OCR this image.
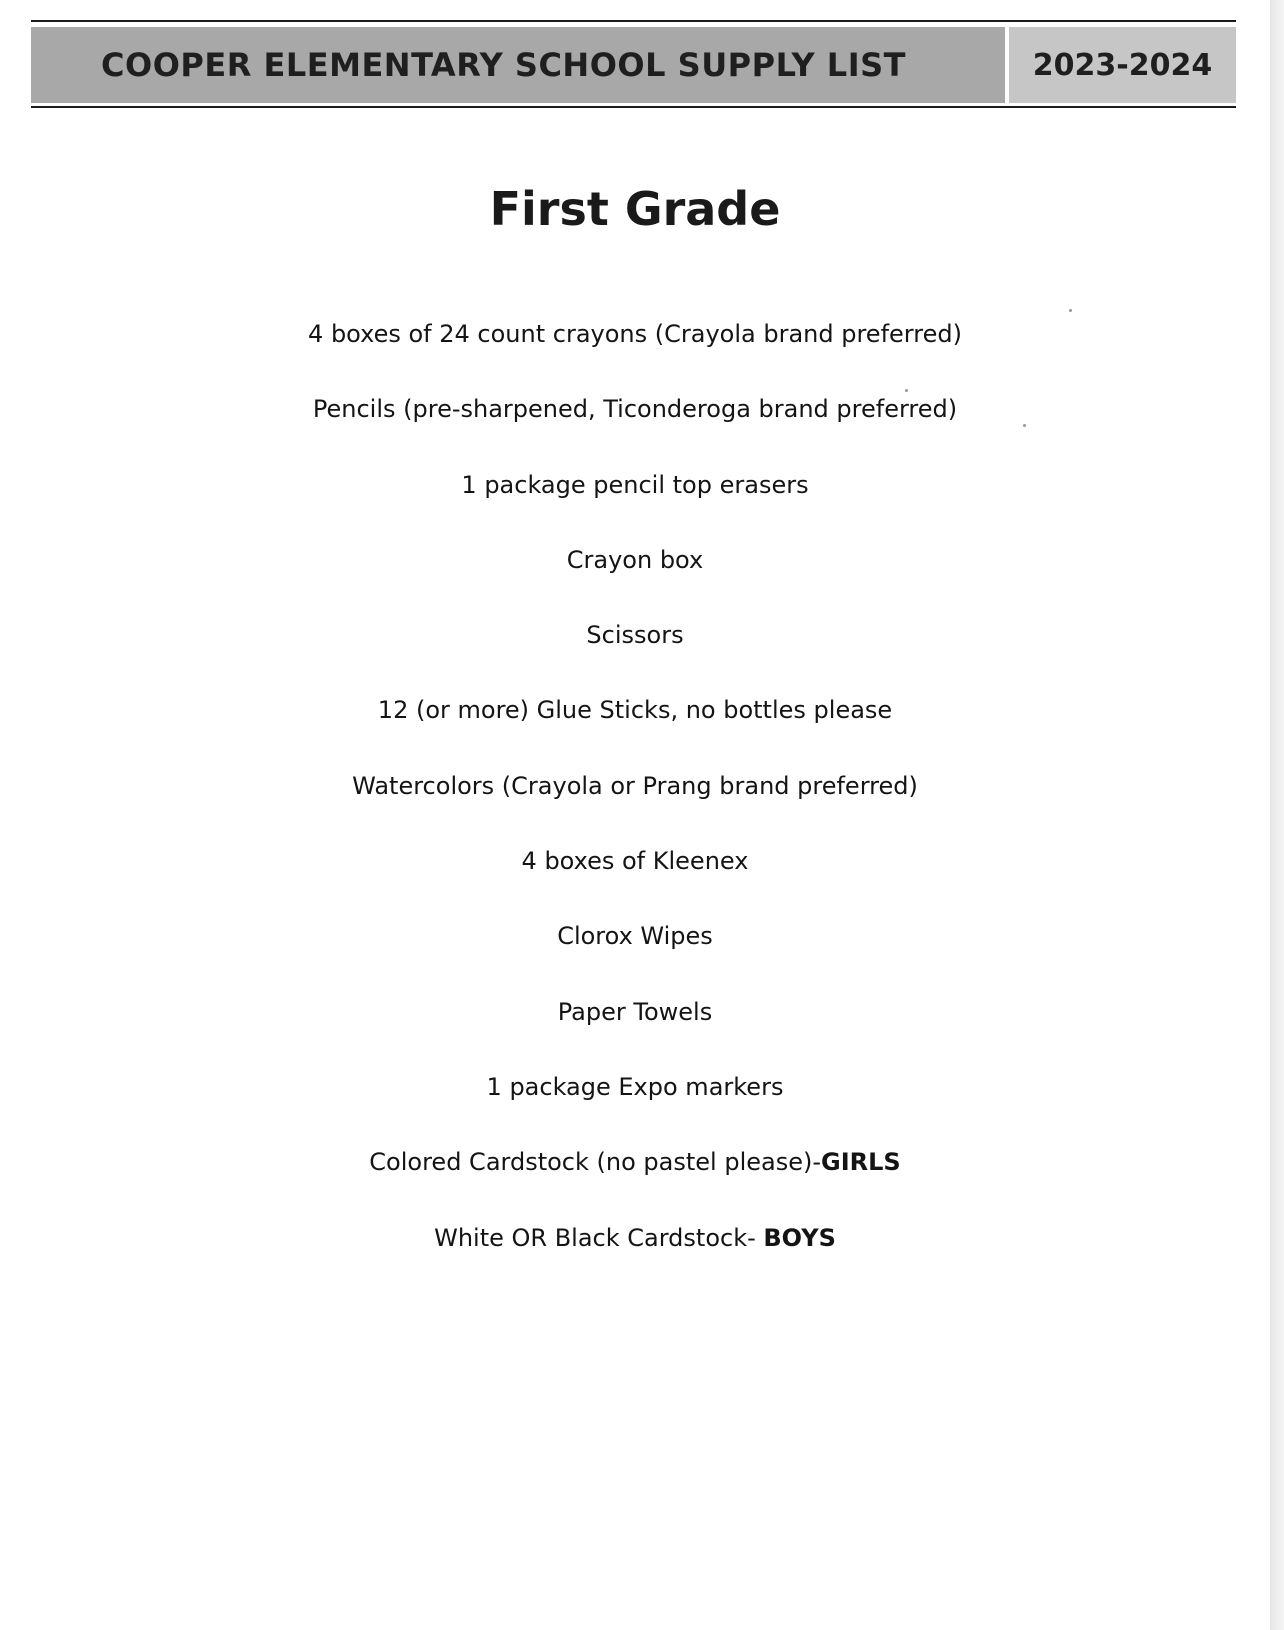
COOPER ELEMENTARY SCHOOL SUPPLY LIST	2023-2024
First Grade
4 boxes of 24 count crayons (Crayola brand preferred)
Pencils (pre-sharpened, Ticonderoga brand preferred)
1 package pencil top erasers
Crayon box
Scissors
12 (or more) Glue Sticks, no bottles please
Watercolors (Crayola or Prang brand preferred)
4 boxes of Kleenex
Clorox Wipes
Paper Towels
1 package Expo markers
Colored Cardstock (no pastel please)-GIRLS
White OR Black Cardstock- BOYS
